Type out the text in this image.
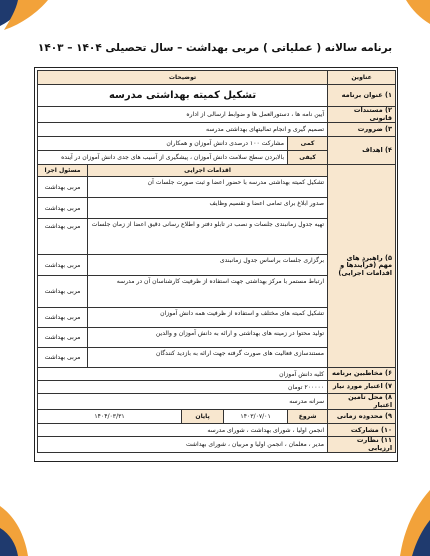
برنامه سالانه ( عملیاتی ) مربی بهداشت – سال تحصیلی ۱۴۰۴ – ۱۴۰۳
عناوین	توضیحات				
۱) عنوان برنامه	تشکیل کمیته بهداشتی مدرسه				
۲) مستندات قانونی	آیین نامه ها ، دستورالعمل ها و ضوابط ارسالی از اداره				
۳) ضرورت	تصمیم گیری و انجام تمالیتهای بهداشتی مدرسه				
۴) اهداف	کمی	مشارکت ۱۰۰ درصدی دانش آموزان و همکاران			
	کیفی	بالابردن سطح سلامت دانش آموزان ، پیشگیری از آسیب های جدی دانش آموزان در آینده			
۵) راهبرد های مهم (فرآیندها و اقدامات اجرایی)	اقدامات اجرایی				مسئول اجرا
	تشکیل کمیته بهداشتی مدرسه با حضور اعضا و ثبت صورت جلسات آن				مربی بهداشت
	صدور ابلاغ برای تمامی اعضا و تقسیم وظایف				مربی بهداشت
	تهیه جدول زمانبندی جلسات و نصب در تابلو دفتر و اطلاع رسانی دقیق اعضا از زمان جلسات				مربی بهداشت
	برگزاری جلسات براساس جدول زمانبندی				مربی بهداشت
	ارتباط مستمر با مرکز بهداشتی جهت استفاده از ظرفیت کارشناسان آن در مدرسه				مربی بهداشت
	تشکیل کمیته های مختلف و استفاده از ظرفیت همه دانش آموزان				مربی بهداشت
	تولید محتوا در زمینه های بهداشتی و ارائه به دانش آموزان و والدین				مربی بهداشت
	مستندسازی فعالیت های صورت گرفته جهت ارائه به بازدید کنندگان				مربی بهداشت
۶) مخاطبین برنامه	کلیه دانش آموزان				
۷) اعتبار مورد نیاز	۲۰۰۰۰۰ تومان				
۸) محل تامین اعتبار	سرانه مدرسه				
۹) محدوده زمانی	شروع	۱۴۰۳/۰۷/۰۱	پایان	۱۴۰۴/۰۳/۳۱	
۱۰) مشارکت	انجمن اولیا ، شورای بهداشت ، شورای مدرسه				
۱۱) نظارت ارزیابی	مدیر ، معلمان ، انجمن اولیا و مربیان ، شورای بهداشت				
